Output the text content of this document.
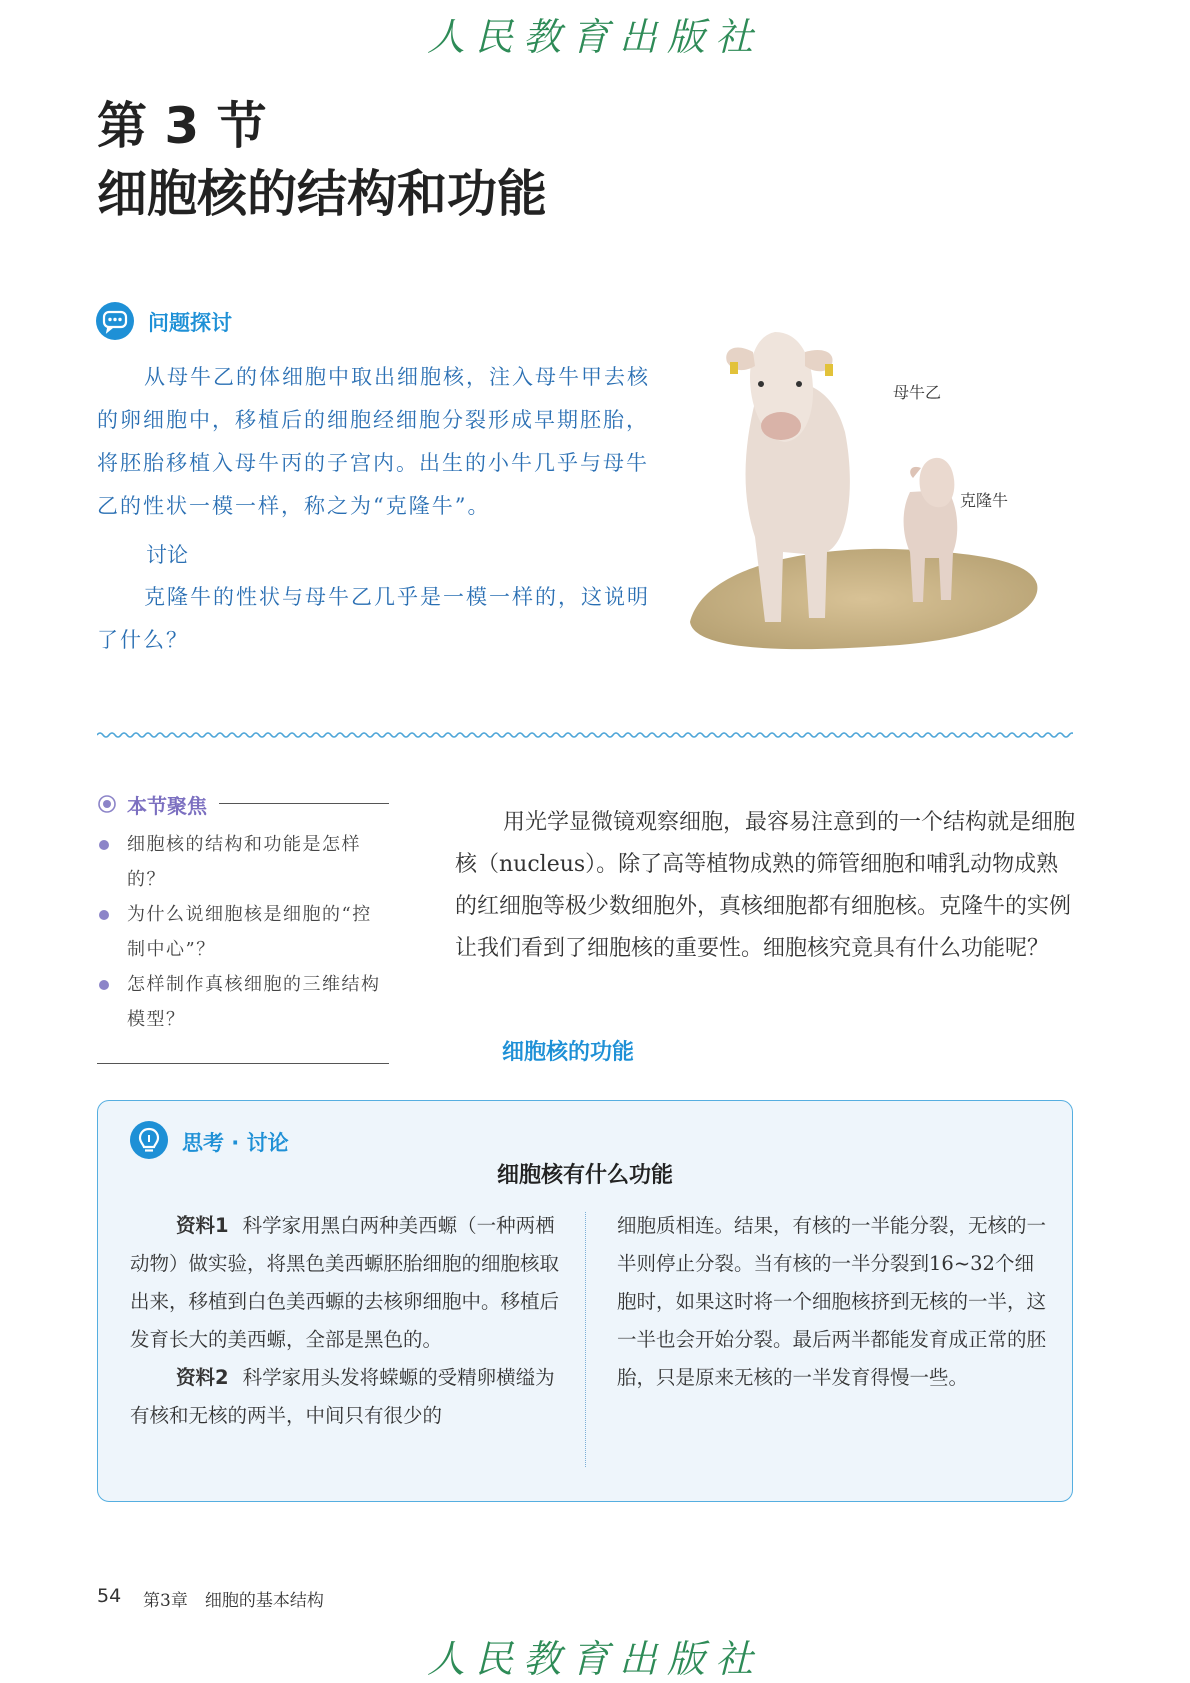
人民教育出版社
第 3 节
细胞核的结构和功能
问题探讨

从母牛乙的体细胞中取出细胞核，注入母牛甲去核的卵细胞中，移植后的细胞经细胞分裂形成早期胚胎，将胚胎移植入母牛丙的子宫内。出生的小牛几乎与母牛乙的性状一模一样，称之为“克隆牛”。

讨论

克隆牛的性状与母牛乙几乎是一模一样的，这说明了什么？

母牛乙
克隆牛
本节聚焦
细胞核的结构和功能是怎样的？
为什么说细胞核是细胞的“控制中心”？
怎样制作真核细胞的三维结构模型？

用光学显微镜观察细胞，最容易注意到的一个结构就是细胞核（nucleus）。除了高等植物成熟的筛管细胞和哺乳动物成熟的红细胞等极少数细胞外，真核细胞都有细胞核。克隆牛的实例让我们看到了细胞核的重要性。细胞核究竟具有什么功能呢？

细胞核的功能
思考 · 讨论
细胞核有什么功能

资料1 科学家用黑白两种美西螈（一种两栖动物）做实验，将黑色美西螈胚胎细胞的细胞核取出来，移植到白色美西螈的去核卵细胞中。移植后发育长大的美西螈，全部是黑色的。

资料2 科学家用头发将蝾螈的受精卵横缢为有核和无核的两半，中间只有很少的

细胞质相连。结果，有核的一半能分裂，无核的一半则停止分裂。当有核的一半分裂到16~32个细胞时，如果这时将一个细胞核挤到无核的一半，这一半也会开始分裂。最后两半都能发育成正常的胚胎，只是原来无核的一半发育得慢一些。

54 第3章　细胞的基本结构
人民教育出版社
